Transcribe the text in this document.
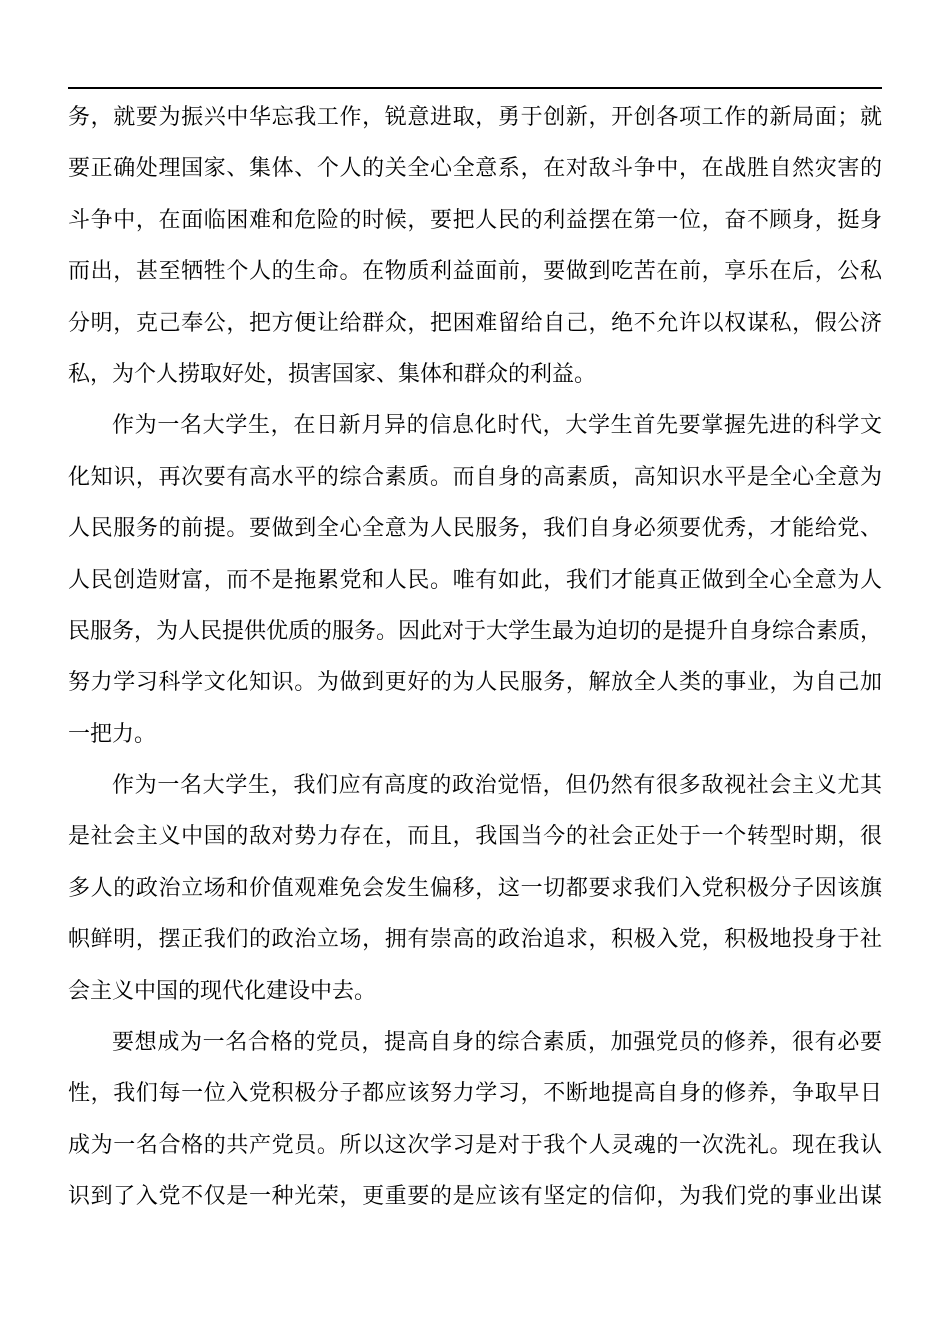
务，就要为振兴中华忘我工作，锐意进取，勇于创新，开创各项工作的新局面；就
要正确处理国家、集体、个人的关全心全意系，在对敌斗争中，在战胜自然灾害的
斗争中，在面临困难和危险的时候，要把人民的利益摆在第一位，奋不顾身，挺身
而出，甚至牺牲个人的生命。在物质利益面前，要做到吃苦在前，享乐在后，公私
分明，克己奉公，把方便让给群众，把困难留给自己，绝不允许以权谋私，假公济
私，为个人捞取好处，损害国家、集体和群众的利益。
作为一名大学生，在日新月异的信息化时代，大学生首先要掌握先进的科学文
化知识，再次要有高水平的综合素质。而自身的高素质，高知识水平是全心全意为
人民服务的前提。要做到全心全意为人民服务，我们自身必须要优秀，才能给党、
人民创造财富，而不是拖累党和人民。唯有如此，我们才能真正做到全心全意为人
民服务，为人民提供优质的服务。因此对于大学生最为迫切的是提升自身综合素质，
努力学习科学文化知识。为做到更好的为人民服务，解放全人类的事业，为自己加
一把力。
作为一名大学生，我们应有高度的政治觉悟，但仍然有很多敌视社会主义尤其
是社会主义中国的敌对势力存在，而且，我国当今的社会正处于一个转型时期，很
多人的政治立场和价值观难免会发生偏移，这一切都要求我们入党积极分子因该旗
帜鲜明，摆正我们的政治立场，拥有崇高的政治追求，积极入党，积极地投身于社
会主义中国的现代化建设中去。
要想成为一名合格的党员，提高自身的综合素质，加强党员的修养，很有必要
性，我们每一位入党积极分子都应该努力学习，不断地提高自身的修养，争取早日
成为一名合格的共产党员。所以这次学习是对于我个人灵魂的一次洗礼。现在我认
识到了入党不仅是一种光荣，更重要的是应该有坚定的信仰，为我们党的事业出谋
